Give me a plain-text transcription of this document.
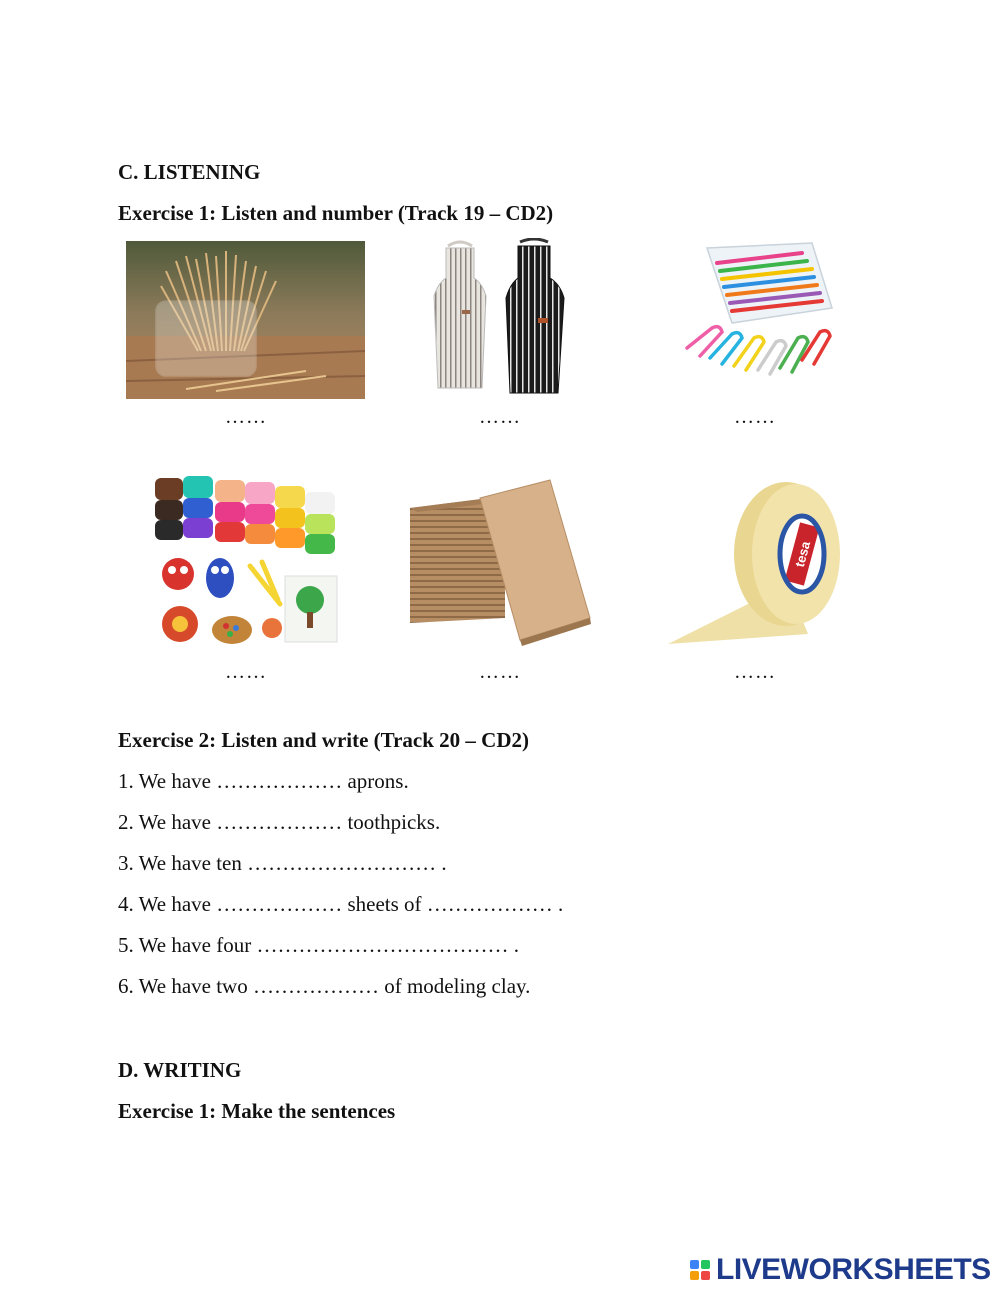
C. LISTENING
Exercise 1: Listen and number (Track 19 – CD2)
……	……	……
……	……
tesa
……
Exercise 2: Listen and write (Track 20 – CD2)
1. We have ……………… aprons.
2. We have ……………… toothpicks.
3. We have ten ……………………… .
4. We have ……………… sheets of ……………… .
5. We have four ……………………………… .
6. We have two ……………… of modeling clay.
D. WRITING
Exercise 1: Make the sentences
LIVEWORKSHEETS
